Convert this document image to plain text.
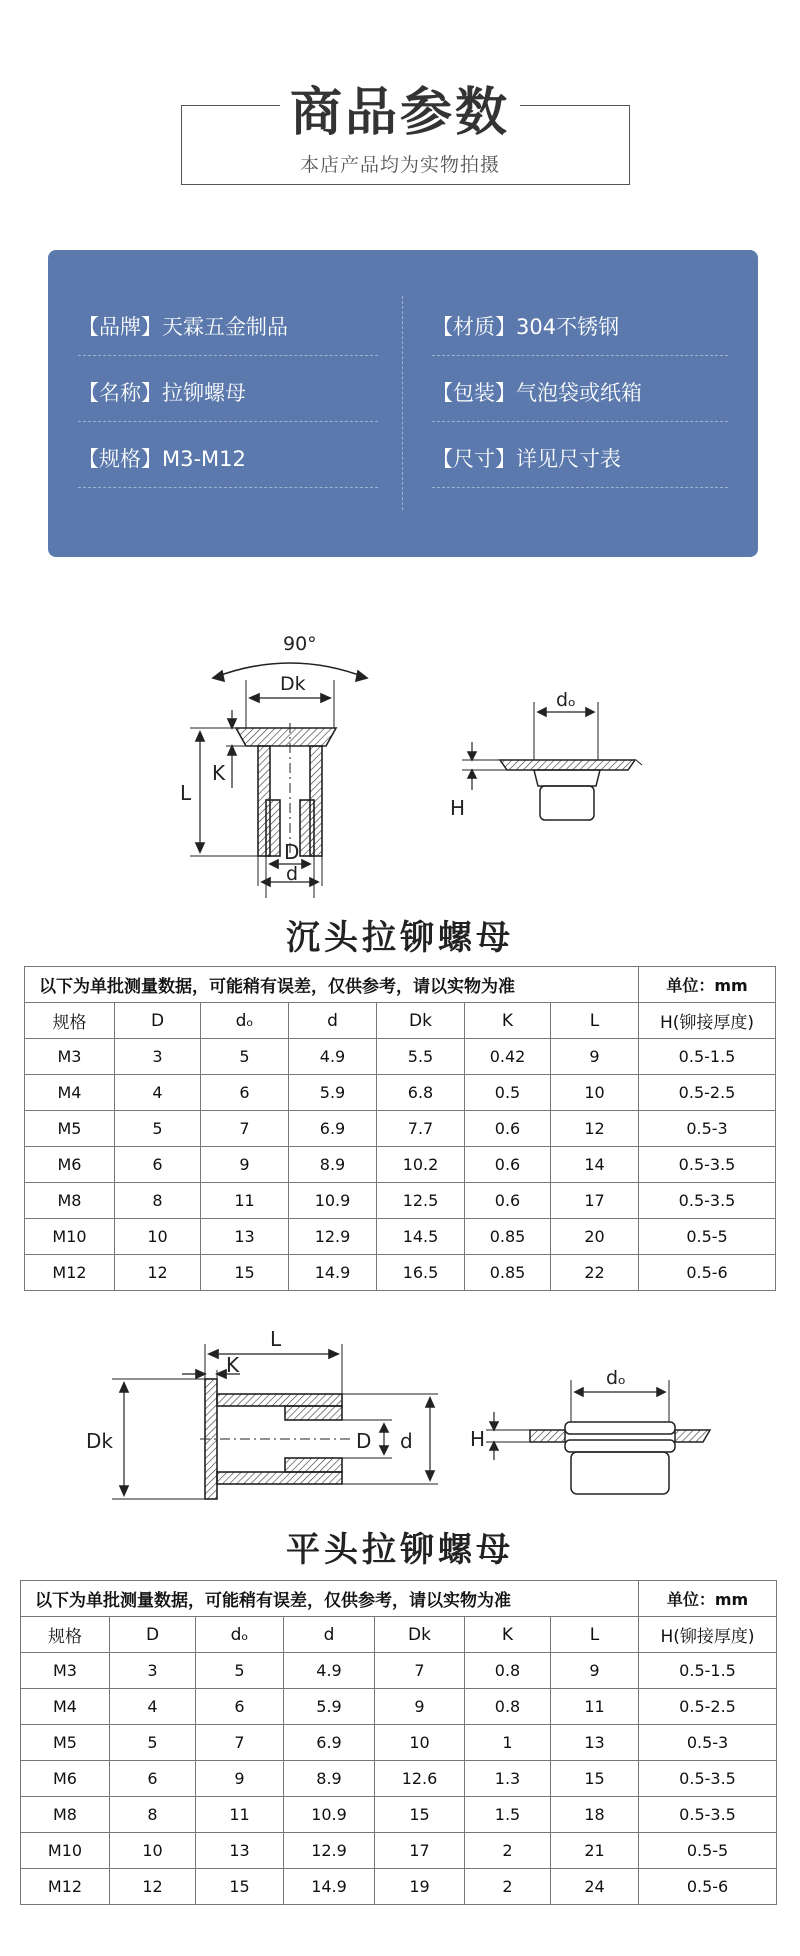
商品参数
本店产品均为实物拍摄
【品牌】天霖五金制品	【材质】304不锈钢
【名称】拉铆螺母	【包装】气泡袋或纸箱
【规格】M3-M12	【尺寸】详见尺寸表
90°
Dk
L
K
D
d
dₒ
H
沉头拉铆螺母
以下为单批测量数据，可能稍有误差，仅供参考，请以实物为准							单位：mm
规格	D	dₒ	d	Dk	K	L	H(铆接厚度)
M3	3	5	4.9	5.5	0.42	9	0.5-1.5
M4	4	6	5.9	6.8	0.5	10	0.5-2.5
M5	5	7	6.9	7.7	0.6	12	0.5-3
M6	6	9	8.9	10.2	0.6	14	0.5-3.5
M8	8	11	10.9	12.5	0.6	17	0.5-3.5
M10	10	13	12.9	14.5	0.85	20	0.5-5
M12	12	15	14.9	16.5	0.85	22	0.5-6
L
K
Dk	D d
dₒ
H
平头拉铆螺母
以下为单批测量数据，可能稍有误差，仅供参考，请以实物为准							单位：mm
规格	D	dₒ	d	Dk	K	L	H(铆接厚度)
M3	3	5	4.9	7	0.8	9	0.5-1.5
M4	4	6	5.9	9	0.8	11	0.5-2.5
M5	5	7	6.9	10	1	13	0.5-3
M6	6	9	8.9	12.6	1.3	15	0.5-3.5
M8	8	11	10.9	15	1.5	18	0.5-3.5
M10	10	13	12.9	17	2	21	0.5-5
M12	12	15	14.9	19	2	24	0.5-6
